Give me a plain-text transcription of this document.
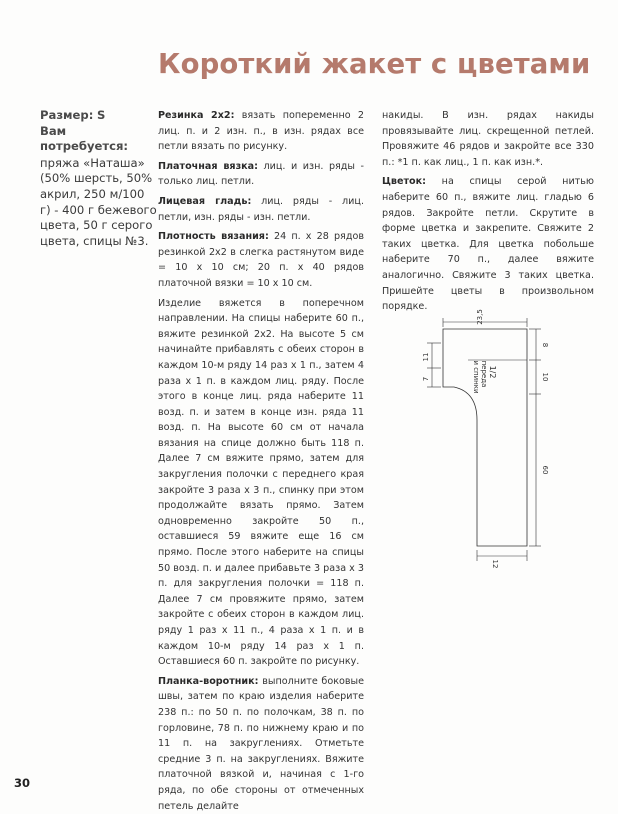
Короткий жакет с цветами
Размер: S
Вам потребуется:
пряжа «Наташа» (50% шерсть, 50% акрил, 250 м/100 г) - 400 г бежевого цвета, 50 г серого цвета, спицы №3.

Резинка 2х2: вязать попеременно 2 лиц. п. и 2 изн. п., в изн. рядах все петли вязать по рисунку.

Платочная вязка: лиц. и изн. ряды - только лиц. петли.

Лицевая гладь: лиц. ряды - лиц. петли, изн. ряды - изн. петли.

Плотность вязания: 24 п. х 28 рядов резинкой 2х2 в слегка растянутом виде = 10 х 10 см; 20 п. х 40 рядов платочной вязки = 10 х 10 см.

Изделие вяжется в поперечном направлении. На спицы наберите 60 п., вяжите резинкой 2х2. На высоте 5 см начинайте прибавлять с обеих сторон в каждом 10-м ряду 14 раз х 1 п., затем 4 раза х 1 п. в каждом лиц. ряду. После этого в конце лиц. ряда наберите 11 возд. п. и затем в конце изн. ряда 11 возд. п. На высоте 60 см от начала вязания на спице должно быть 118 п. Далее 7 см вяжите прямо, затем для закругления полочки с переднего края закройте 3 раза х 3 п., спинку при этом продолжайте вязать прямо. Затем одновременно закройте 50 п., оставшиеся 59 вяжите еще 16 см прямо. После этого наберите на спицы 50 возд. п. и далее прибавьте 3 раза х 3 п. для закругления полочки = 118 п. Далее 7 см провяжите прямо, затем закройте с обеих сторон в каждом лиц. ряду 1 раз х 11 п., 4 раза х 1 п. и в каждом 10-м ряду 14 раз х 1 п. Оставшиеся 60 п. закройте по рисунку.

Планка-воротник: выполните боковые швы, затем по краю изделия наберите 238 п.: по 50 п. по полочкам, 38 п. по горловине, 78 п. по нижнему краю и по 11 п. на закруглениях. Отметьте средние 3 п. на закруглениях. Вяжите платочной вязкой и, начиная с 1-го ряда, по обе стороны от отмеченных петель делайте

накиды. В изн. рядах накиды провязывайте лиц. скрещенной петлей. Провяжите 46 рядов и закройте все 330 п.: *1 п. как лиц., 1 п. как изн.*.

Цветок: на спицы серой нитью наберите 60 п., вяжите лиц. гладью 6 рядов. Закройте петли. Скрутите в форме цветка и закрепите. Свяжите 2 таких цветка. Для цветка побольше наберите 70 п., далее вяжите аналогично. Свяжите 3 таких цветка. Пришейте цветы в произвольном порядке.

23,5
11
7
8
10
60
12
1/2
переда
и спинки
30
